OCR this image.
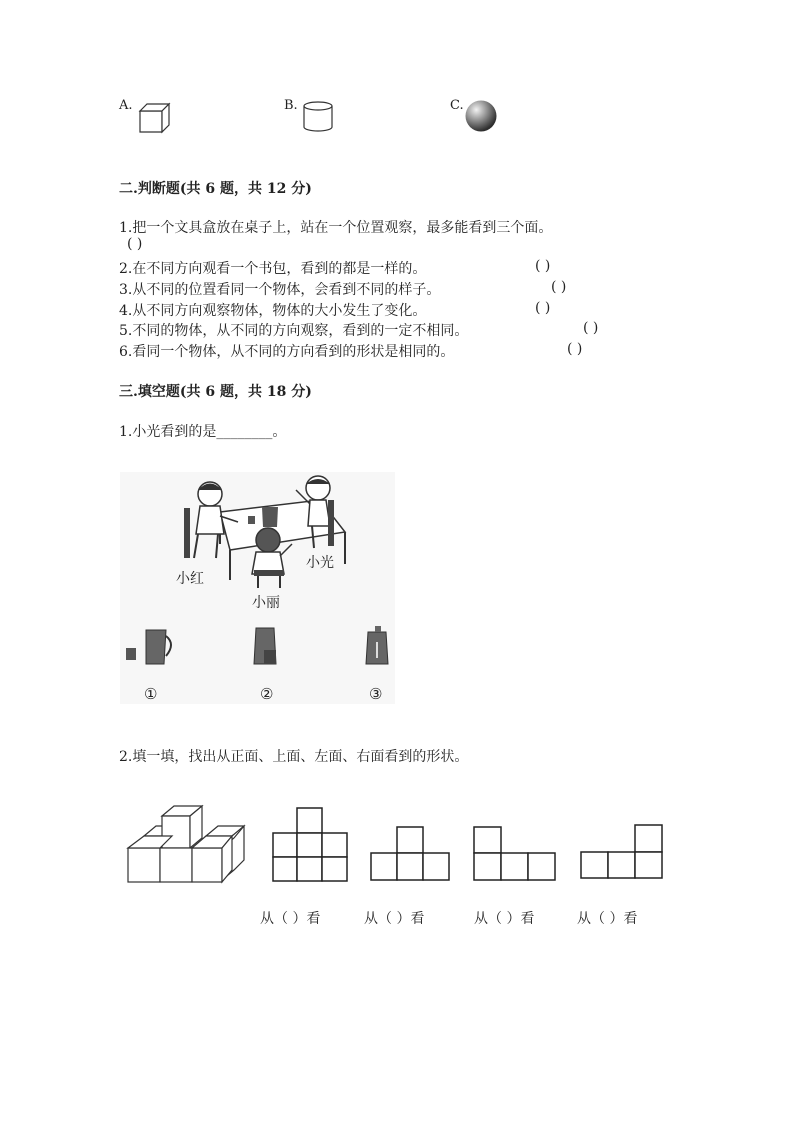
A.	B.	C.
二.判断题(共 6 题，共 12 分)
1.把一个文具盒放在桌子上，站在一个位置观察，最多能看到三个面。
( )
2.在不同方向观看一个书包，看到的都是一样的。	( )
3.从不同的位置看同一个物体，会看到不同的样子。	( )
4.从不同方向观察物体，物体的大小发生了变化。	( )
5.不同的物体，从不同的方向观察，看到的一定不相同。	( )
6.看同一个物体，从不同的方向看到的形状是相同的。	( )
三.填空题(共 6 题，共 18 分)
1.小光看到的是________。
小红
小光
小丽
①	②	③
2.填一填，找出从正面、上面、左面、右面看到的形状。
从（ ）看	从（ ）看	从（ ）看	从（ ）看
